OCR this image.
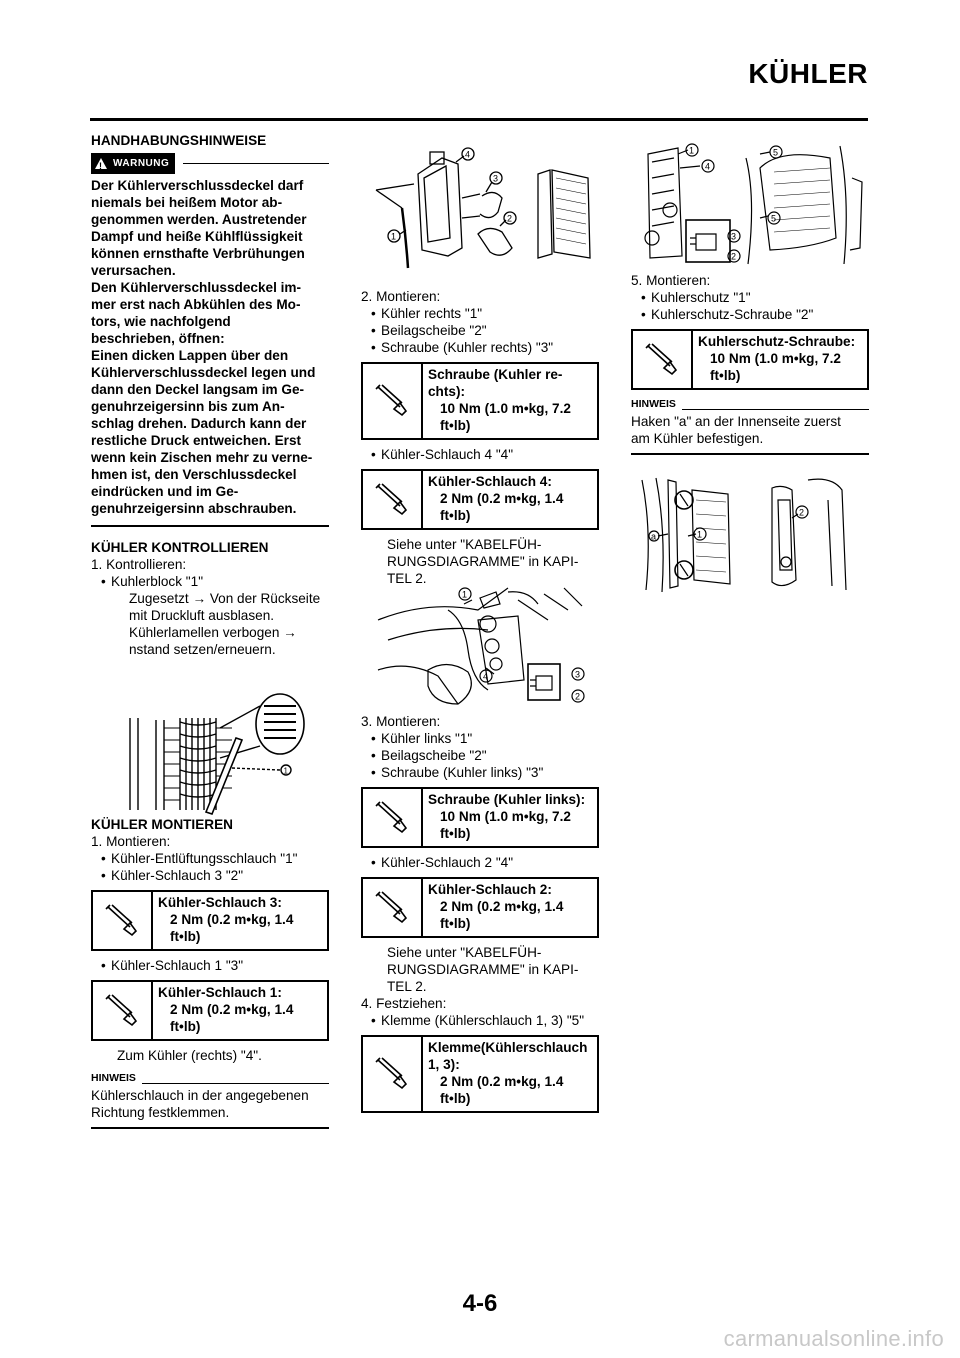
KÜHLER
HANDHABUNGSHINWEISE
!
WARNUNG
Der Kühlerverschlussdeckel darf
niemals bei heißem Motor ab-
genommen werden. Austretender
Dampf und heiße Kühlflüssigkeit
können ernsthafte Verbrühungen
verursachen.
Den Kühlerverschlussdeckel im-
mer erst nach Abkühlen des Mo-
tors, wie nachfolgend
beschrieben, öffnen:
Einen dicken Lappen über den
Kühlerverschlussdeckel legen und
dann den Deckel langsam im Ge-
genuhrzeigersinn bis zum An-
schlag drehen. Dadurch kann der
restliche Druck entweichen. Erst
wenn kein Zischen mehr zu verne-
hmen ist, den Verschlussdeckel
eindrücken und im Ge-
genuhrzeigersinn abschrauben.
KÜHLER KONTROLLIEREN
1. Kontrollieren:
• Kuhlerblock "1"
Zugesetzt → Von der Rückseite
mit Druckluft ausblasen.
Kühlerlamellen verbogen →
nstand setzen/erneuern.
1
KÜHLER MONTIEREN
1. Montieren:
• Kühler-Entlüftungsschlauch "1"
• Kühler-Schlauch 3 "2"
Kühler-Schlauch 3:
2 Nm (0.2 m•kg, 1.4
ft•lb)
• Kühler-Schlauch 1 "3"
Kühler-Schlauch 1:
2 Nm (0.2 m•kg, 1.4
ft•lb)
Zum Kühler (rechts) "4".
HINWEIS
Kühlerschlauch in der angegebenen
Richtung festklemmen.
4
3
2
1
2. Montieren:
• Kühler rechts "1"
• Beilagscheibe "2"
• Schraube (Kuhler rechts) "3"
Schraube (Kuhler re-
chts):
10 Nm (1.0 m•kg, 7.2
ft•lb)
• Kühler-Schlauch 4 "4"
Kühler-Schlauch 4:
2 Nm (0.2 m•kg, 1.4
ft•lb)
Siehe unter "KABELFÜH-
RUNGSDIAGRAMME" in KAPI-
TEL 2.
1
4	3
2
3. Montieren:
• Kühler links "1"
• Beilagscheibe "2"
• Schraube (Kuhler links) "3"
Schraube (Kuhler links):
10 Nm (1.0 m•kg, 7.2
ft•lb)
• Kühler-Schlauch 2 "4"
Kühler-Schlauch 2:
2 Nm (0.2 m•kg, 1.4
ft•lb)
Siehe unter "KABELFÜH-
RUNGSDIAGRAMME" in KAPI-
TEL 2.
4. Festziehen:
• Klemme (Kühlerschlauch 1, 3) "5"
Klemme(Kühlerschlauch
1, 3):
2 Nm (0.2 m•kg, 1.4
ft•lb)
1
4
5
5
3
2
5. Montieren:
• Kuhlerschutz "1"
• Kuhlerschutz-Schraube "2"
Kuhlerschutz-Schraube:
10 Nm (1.0 m•kg, 7.2
ft•lb)
HINWEIS
Haken "a" an der Innenseite zuerst
am Kühler befestigen.
a	1
2
4-6
carmanualsonline.info
